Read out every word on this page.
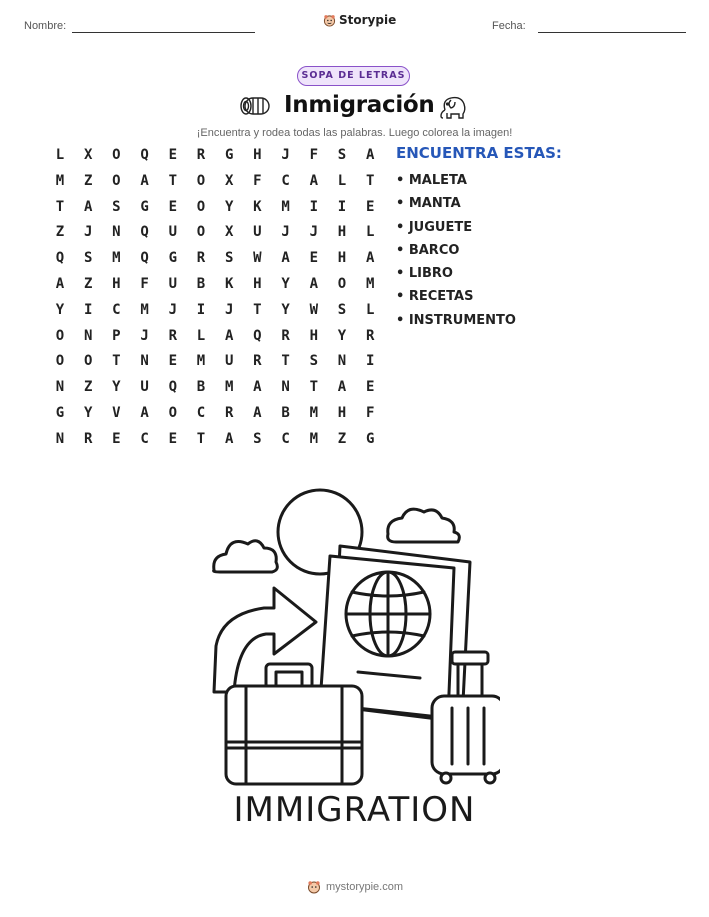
Nombre:	Storypie	Fecha:
SOPA DE LETRAS
Inmigración
¡Encuentra y rodea todas las palabras. Luego colorea la imagen!
L	X	O	Q	E	R	G	H	J	F	S	A
M	Z	O	A	T	O	X	F	C	A	L	T
T	A	S	G	E	O	Y	K	M	I	I	E
Z	J	N	Q	U	O	X	U	J	J	H	L
Q	S	M	Q	G	R	S	W	A	E	H	A
A	Z	H	F	U	B	K	H	Y	A	O	M
Y	I	C	M	J	I	J	T	Y	W	S	L
O	N	P	J	R	L	A	Q	R	H	Y	R
O	O	T	N	E	M	U	R	T	S	N	I
N	Z	Y	U	Q	B	M	A	N	T	A	E
G	Y	V	A	O	C	R	A	B	M	H	F
N	R	E	C	E	T	A	S	C	M	Z	G
ENCUENTRA ESTAS:
• MALETA
• MANTA
• JUGUETE
• BARCO
• LIBRO
• RECETAS
• INSTRUMENTO
IMMIGRATION
mystorypie.com
